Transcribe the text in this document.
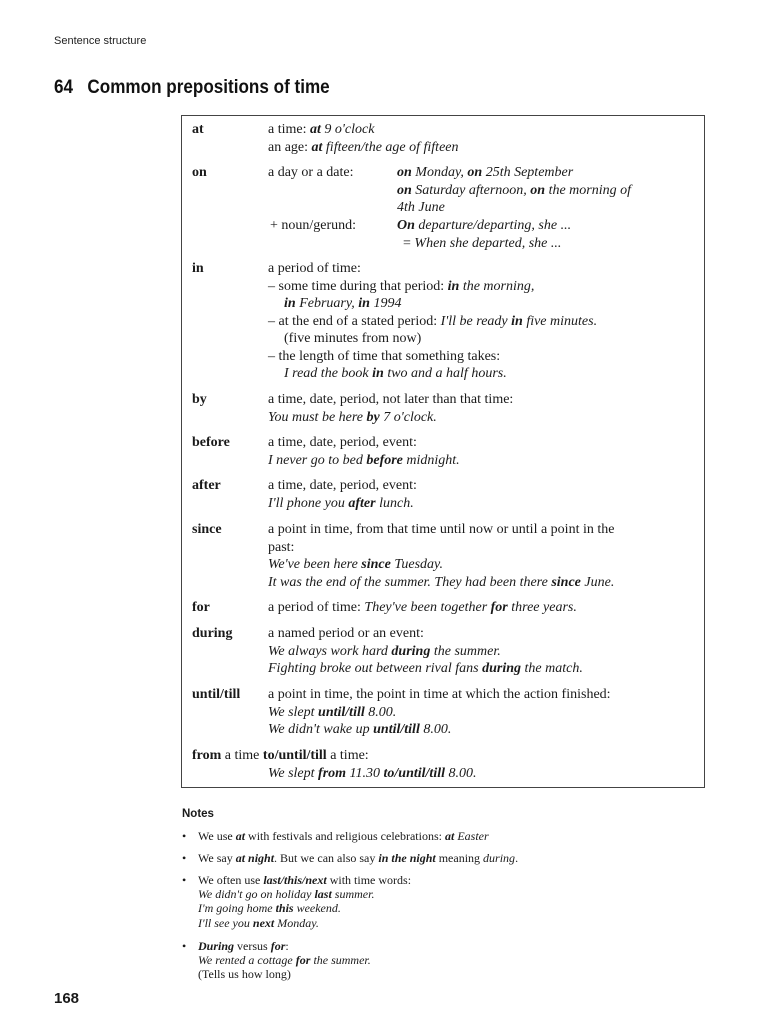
Sentence structure
64 Common prepositions of time
at	a time: at 9 o'clock
an age: at fifteen/the age of fifteen
on	a day or a date:	on Monday, on 25th September
on Saturday afternoon, on the morning of
4th June
+ noun/gerund:	On departure/departing, she ...
= When she departed, she ...
in	a period of time:
– some time during that period: in the morning,
in February, in 1994
– at the end of a stated period: I'll be ready in five minutes.
(five minutes from now)
– the length of time that something takes:
I read the book in two and a half hours.
by	a time, date, period, not later than that time:
You must be here by 7 o'clock.
before	a time, date, period, event:
I never go to bed before midnight.
after	a time, date, period, event:
I'll phone you after lunch.
since	a point in time, from that time until now or until a point in the
past:
We've been here since Tuesday.
It was the end of the summer. They had been there since June.
for	a period of time: They've been together for three years.
during	a named period or an event:
We always work hard during the summer.
Fighting broke out between rival fans during the match.
until/till a point in time, the point in time at which the action finished:
We slept until/till 8.00.
We didn't wake up until/till 8.00.
from a time to/until/till a time:
We slept from 11.30 to/until/till 8.00.
Notes
• We use at with festivals and religious celebrations: at Easter
• We say at night. But we can also say in the night meaning during.
• We often use last/this/next with time words:
We didn't go on holiday last summer.
I'm going home this weekend.
I'll see you next Monday.
• During versus for:
We rented a cottage for the summer.
(Tells us how long)
168
